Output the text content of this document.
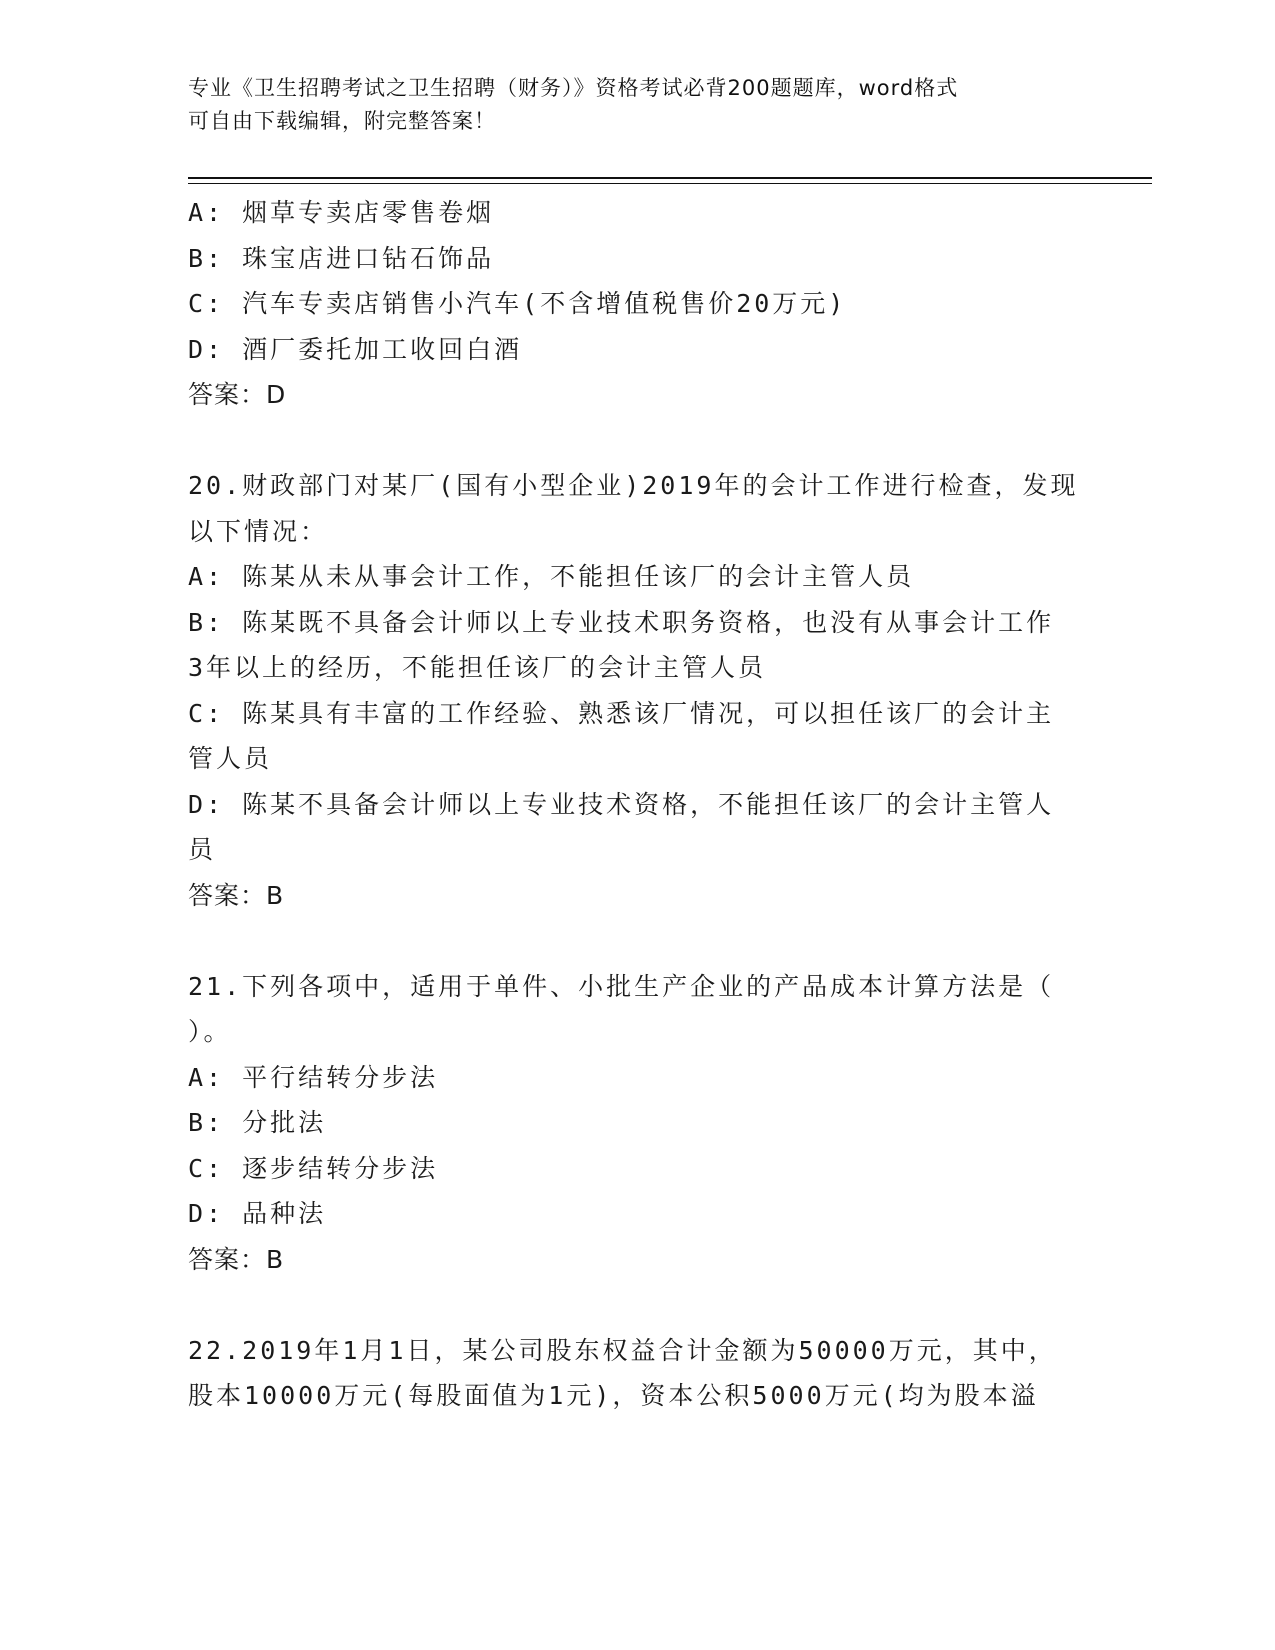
专业《卫生招聘考试之卫生招聘（财务）》资格考试必背200题题库，word格式
可自由下载编辑，附完整答案！
A: 烟草专卖店零售卷烟
B: 珠宝店进口钻石饰品
C: 汽车专卖店销售小汽车(不含增值税售价20万元)
D: 酒厂委托加工收回白酒
答案：D
20.财政部门对某厂(国有小型企业)2019年的会计工作进行检查，发现
以下情况：
A: 陈某从未从事会计工作，不能担任该厂的会计主管人员
B: 陈某既不具备会计师以上专业技术职务资格，也没有从事会计工作
3年以上的经历，不能担任该厂的会计主管人员
C: 陈某具有丰富的工作经验、熟悉该厂情况，可以担任该厂的会计主
管人员
D: 陈某不具备会计师以上专业技术资格，不能担任该厂的会计主管人
员
答案：B
21.下列各项中，适用于单件、小批生产企业的产品成本计算方法是（
）。
A: 平行结转分步法
B: 分批法
C: 逐步结转分步法
D: 品种法
答案：B
22.2019年1月1日，某公司股东权益合计金额为50000万元，其中，
股本10000万元(每股面值为1元)，资本公积5000万元(均为股本溢
